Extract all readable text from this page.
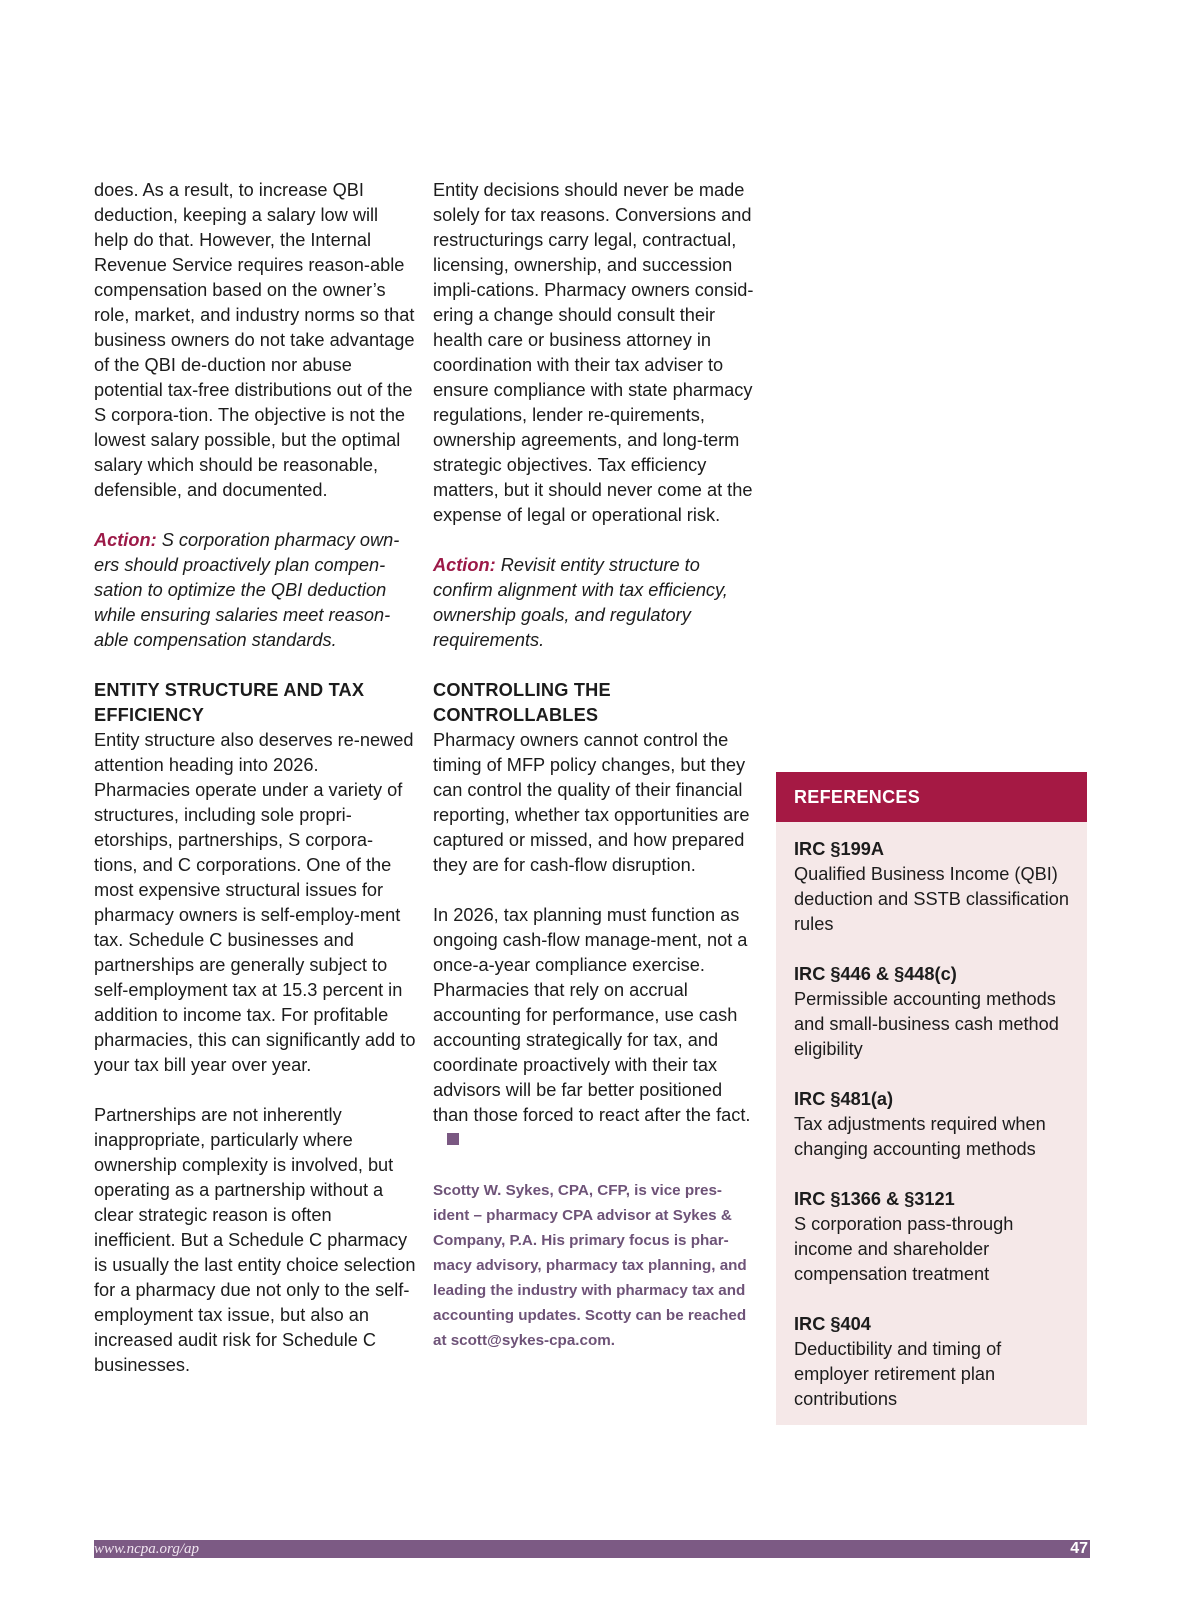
does. As a result, to increase QBI deduction, keeping a salary low will help do that. However, the Internal Revenue Service requires reason-able compensation based on the owner’s role, market, and industry norms so that business owners do not take advantage of the QBI de-duction nor abuse potential tax-free distributions out of the S corpora-tion. The objective is not the lowest salary possible, but the optimal salary which should be reasonable, defensible, and documented.

Action: S corporation pharmacy own-ers should proactively plan compen-sation to optimize the QBI deduction while ensuring salaries meet reason-able compensation standards.

ENTITY STRUCTURE AND TAX EFFICIENCY

Entity structure also deserves re-newed attention heading into 2026. Pharmacies operate under a variety of structures, including sole propri-etorships, partnerships, S corpora-tions, and C corporations. One of the most expensive structural issues for pharmacy owners is self-employ-ment tax. Schedule C businesses and partnerships are generally subject to self-employment tax at 15.3 percent in addition to income tax. For profitable pharmacies, this can significantly add to your tax bill year over year.

Partnerships are not inherently inappropriate, particularly where ownership complexity is involved, but operating as a partnership without a clear strategic reason is often inefficient. But a Schedule C pharmacy is usually the last entity choice selection for a pharmacy due not only to the self-employment tax issue, but also an increased audit risk for Schedule C businesses.

Entity decisions should never be made solely for tax reasons. Conversions and restructurings carry legal, contractual, licensing, ownership, and succession impli-cations. Pharmacy owners consid-ering a change should consult their health care or business attorney in coordination with their tax adviser to ensure compliance with state pharmacy regulations, lender re-quirements, ownership agreements, and long-term strategic objectives. Tax efficiency matters, but it should never come at the expense of legal or operational risk.

Action: Revisit entity structure to confirm alignment with tax efficiency, ownership goals, and regulatory requirements.

CONTROLLING THE CONTROLLABLES

Pharmacy owners cannot control the timing of MFP policy changes, but they can control the quality of their financial reporting, whether tax opportunities are captured or missed, and how prepared they are for cash-flow disruption.

In 2026, tax planning must function as ongoing cash-flow manage-ment, not a once-a-year compliance exercise. Pharmacies that rely on accrual accounting for performance, use cash accounting strategically for tax, and coordinate proactively with their tax advisors will be far better positioned than those forced to react after the fact.

Scotty W. Sykes, CPA, CFP, is vice pres-ident – pharmacy CPA advisor at Sykes & Company, P.A. His primary focus is phar-macy advisory, pharmacy tax planning, and leading the industry with pharmacy tax and accounting updates. Scotty can be reached at scott@sykes-cpa.com.

REFERENCES
IRC §199A
Qualified Business Income (QBI) deduction and SSTB classification rules
IRC §446 & §448(c)
Permissible accounting methods and small-business cash method eligibility
IRC §481(a)
Tax adjustments required when changing accounting methods
IRC §1366 & §3121
S corporation pass-through income and shareholder compensation treatment
IRC §404
Deductibility and timing of employer retirement plan contributions
www.ncpa.org/ap	47
